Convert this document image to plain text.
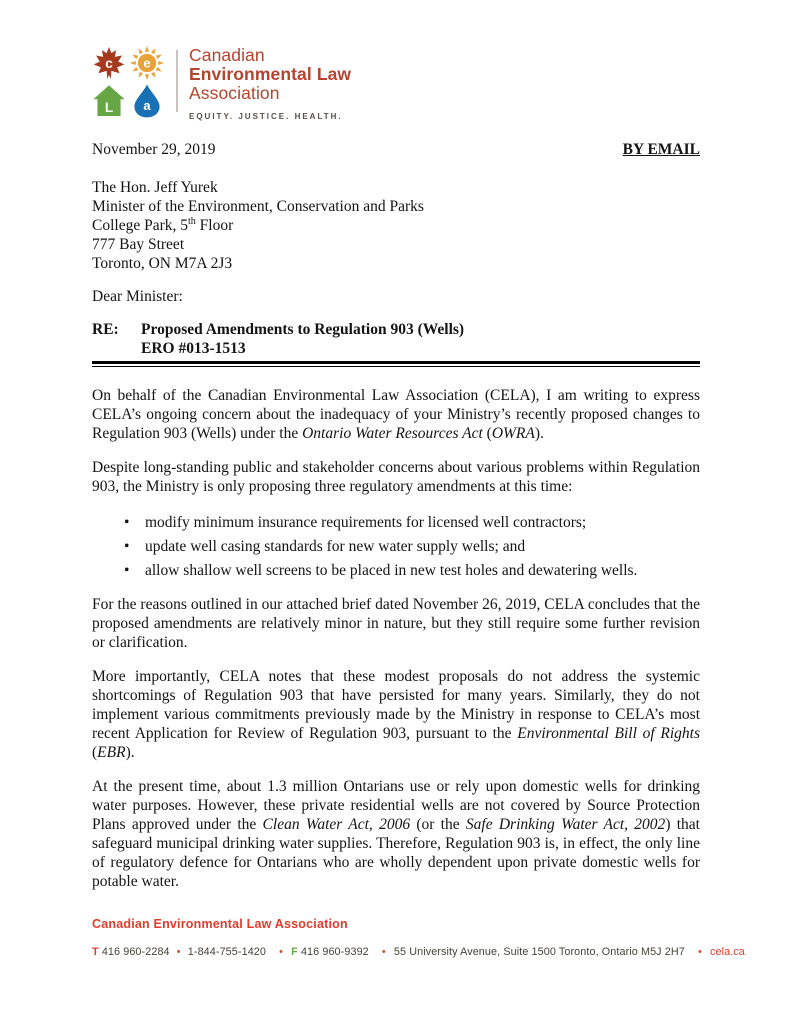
c e
L a
Canadian
Environmental Law
Association
EQUITY. JUSTICE. HEALTH.
November 29, 2019	BY EMAIL
The Hon. Jeff Yurek
Minister of the Environment, Conservation and Parks
College Park, 5th Floor
777 Bay Street
Toronto, ON M7A 2J3

Dear Minister:

RE:	Proposed Amendments to Regulation 903 (Wells)
ERO #013-1513

On behalf of the Canadian Environmental Law Association (CELA), I am writing to express CELA’s ongoing concern about the inadequacy of your Ministry’s recently proposed changes to Regulation 903 (Wells) under the Ontario Water Resources Act (OWRA).

Despite long-standing public and stakeholder concerns about various problems within Regulation 903, the Ministry is only proposing three regulatory amendments at this time:

• modify minimum insurance requirements for licensed well contractors;
• update well casing standards for new water supply wells; and
• allow shallow well screens to be placed in new test holes and dewatering wells.

For the reasons outlined in our attached brief dated November 26, 2019, CELA concludes that the proposed amendments are relatively minor in nature, but they still require some further revision or clarification.

More importantly, CELA notes that these modest proposals do not address the systemic shortcomings of Regulation 903 that have persisted for many years. Similarly, they do not implement various commitments previously made by the Ministry in response to CELA’s most recent Application for Review of Regulation 903, pursuant to the Environmental Bill of Rights (EBR).

At the present time, about 1.3 million Ontarians use or rely upon domestic wells for drinking water purposes. However, these private residential wells are not covered by Source Protection Plans approved under the Clean Water Act, 2006 (or the Safe Drinking Water Act, 2002) that safeguard municipal drinking water supplies. Therefore, Regulation 903 is, in effect, the only line of regulatory defence for Ontarians who are wholly dependent upon private domestic wells for potable water.

Canadian Environmental Law Association
T 416 960-2284 • 1-844-755-1420 • F 416 960-9392 • 55 University Avenue, Suite 1500 Toronto, Ontario M5J 2H7 • cela.ca
